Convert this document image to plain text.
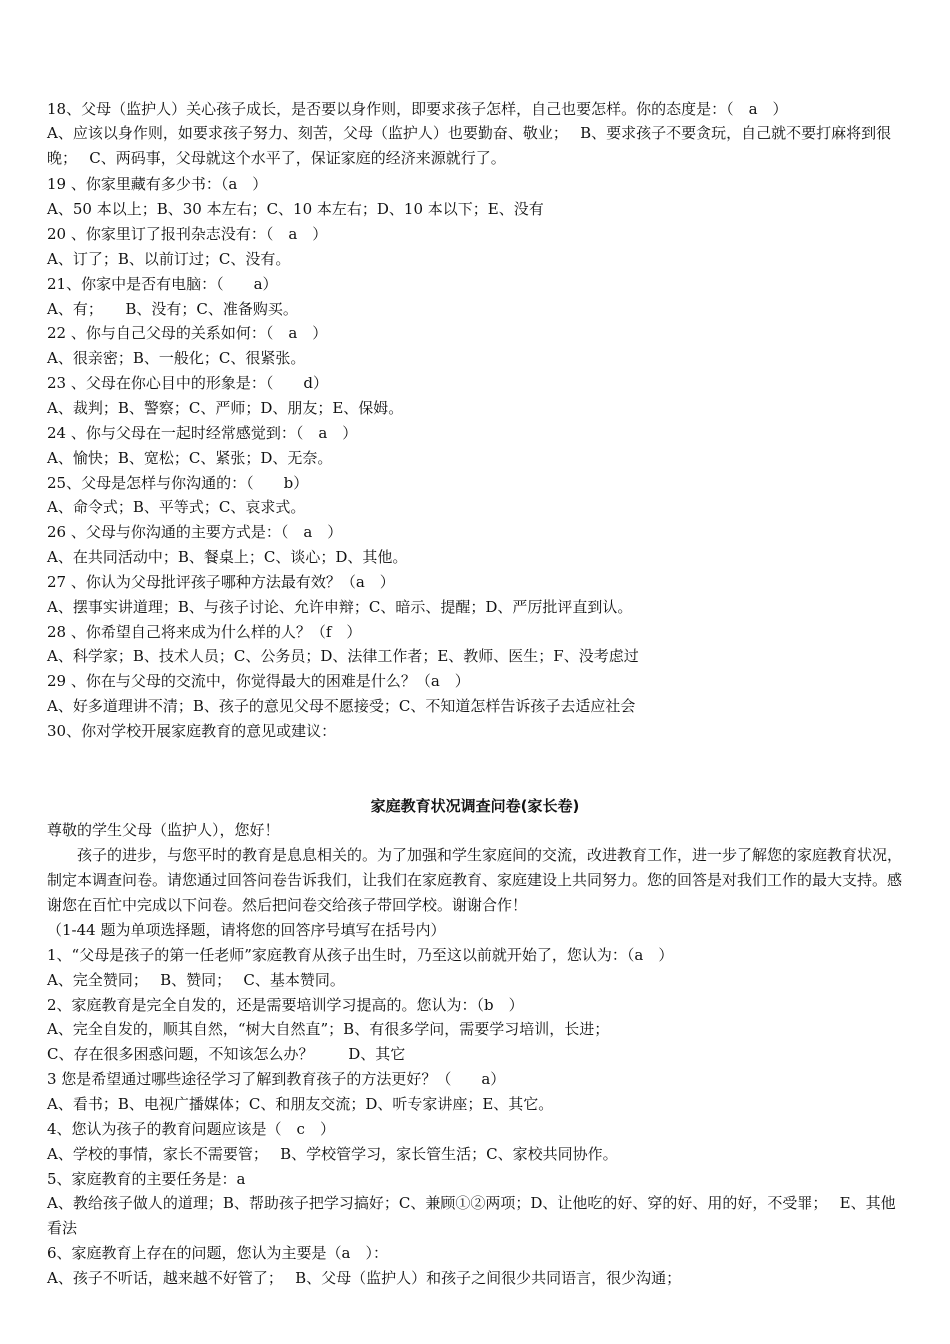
18、父母（监护人）关心孩子成长，是否要以身作则，即要求孩子怎样，自己也要怎样。你的态度是：（　a　）
A、应该以身作则，如要求孩子努力、刻苦，父母（监护人）也要勤奋、敬业；　 B、要求孩子不要贪玩，自己就不要打麻将到很晚；　 C、两码事，父母就这个水平了，保证家庭的经济来源就行了。
19 、你家里藏有多少书：（a　）
A、50 本以上；B、30 本左右；C、10 本左右；D、10 本以下；E、没有
20 、你家里订了报刊杂志没有：（　a　）
A、订了；B、以前订过；C、没有。
21、你家中是否有电脑：（　　a）
A、有；　　B、没有；C、准备购买。
22 、你与自己父母的关系如何：（　a　）
A、很亲密；B、一般化；C、很紧张。
23 、父母在你心目中的形象是：（　　d）
A、裁判；B、警察；C、严师；D、朋友；E、保姆。
24 、你与父母在一起时经常感觉到：（　a　）
A、愉快；B、宽松；C、紧张；D、无奈。
25、父母是怎样与你沟通的：（　　b）
A、命令式；B、平等式；C、哀求式。
26 、父母与你沟通的主要方式是：（　a　）
A、在共同活动中；B、餐桌上；C、谈心；D、其他。
27 、你认为父母批评孩子哪种方法最有效？（a　）
A、摆事实讲道理；B、与孩子讨论、允许申辩；C、暗示、提醒；D、严厉批评直到认。
28 、你希望自己将来成为什么样的人？（f　）
A、科学家；B、技术人员；C、公务员；D、法律工作者；E、教师、医生；F、没考虑过
29 、你在与父母的交流中，你觉得最大的困难是什么？（a　）
A、好多道理讲不清；B、孩子的意见父母不愿接受；C、不知道怎样告诉孩子去适应社会
30、你对学校开展家庭教育的意见或建议：
家庭教育状况调查问卷(家长卷)
尊敬的学生父母（监护人），您好！
孩子的进步，与您平时的教育是息息相关的。为了加强和学生家庭间的交流，改进教育工作，进一步了解您的家庭教育状况，制定本调查问卷。请您通过回答问卷告诉我们，让我们在家庭教育、家庭建设上共同努力。您的回答是对我们工作的最大支持。感谢您在百忙中完成以下问卷。然后把问卷交给孩子带回学校。谢谢合作！
（1-44 题为单项选择题，请将您的回答序号填写在括号内）
1、“父母是孩子的第一任老师”家庭教育从孩子出生时，乃至这以前就开始了，您认为：（a　）
A、完全赞同；　 B、赞同；　 C、基本赞同。
2、家庭教育是完全自发的，还是需要培训学习提高的。您认为：（b　）
A、完全自发的，顺其自然，“树大自然直”；B、有很多学问，需要学习培训，长进；
C、存在很多困惑问题，不知该怎么办？　　 D、其它
3 您是希望通过哪些途径学习了解到教育孩子的方法更好？（　　a）
A、看书；B、电视广播媒体；C、和朋友交流；D、听专家讲座；E、其它。
4、您认为孩子的教育问题应该是（　c　）
A、学校的事情，家长不需要管；　 B、学校管学习，家长管生活；C、家校共同协作。
5、家庭教育的主要任务是：a
A、教给孩子做人的道理；B、帮助孩子把学习搞好；C、兼顾①②两项；D、让他吃的好、穿的好、用的好，不受罪；　 E、其他看法
6、家庭教育上存在的问题，您认为主要是（a　）：
A、孩子不听话，越来越不好管了；　 B、父母（监护人）和孩子之间很少共同语言，很少沟通；
